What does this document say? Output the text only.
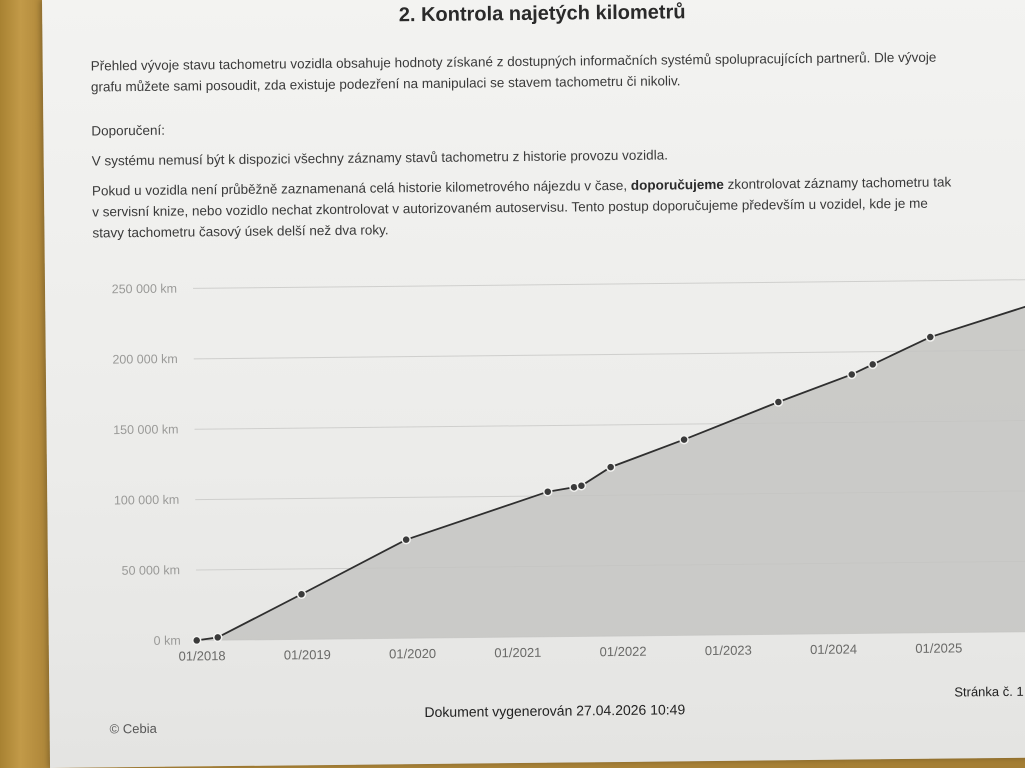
2. Kontrola najetých kilometrů
Přehled vývoje stavu tachometru vozidla obsahuje hodnoty získané z dostupných informačních systémů spolupracujících partnerů. Dle vývoje
grafu můžete sami posoudit, zda existuje podezření na manipulaci se stavem tachometru či nikoliv.
Doporučení:
V systému nemusí být k dispozici všechny záznamy stavů tachometru z historie provozu vozidla.
Pokud u vozidla není průběžně zaznamenaná celá historie kilometrového nájezdu v čase, doporučujeme zkontrolovat záznamy tachometru tak
v servisní knize, nebo vozidlo nechat zkontrolovat v autorizovaném autoservisu. Tento postup doporučujeme především u vozidel, kde je me
stavy tachometru časový úsek delší než dva roky.
0 km
50 000 km
100 000 km
150 000 km
200 000 km
250 000 km
01/2018	01/2019	01/2020	01/2021	01/2022	01/2023	01/2024	01/2025
© Cebia
Dokument vygenerován 27.04.2026 10:49
Stránka č. 1
